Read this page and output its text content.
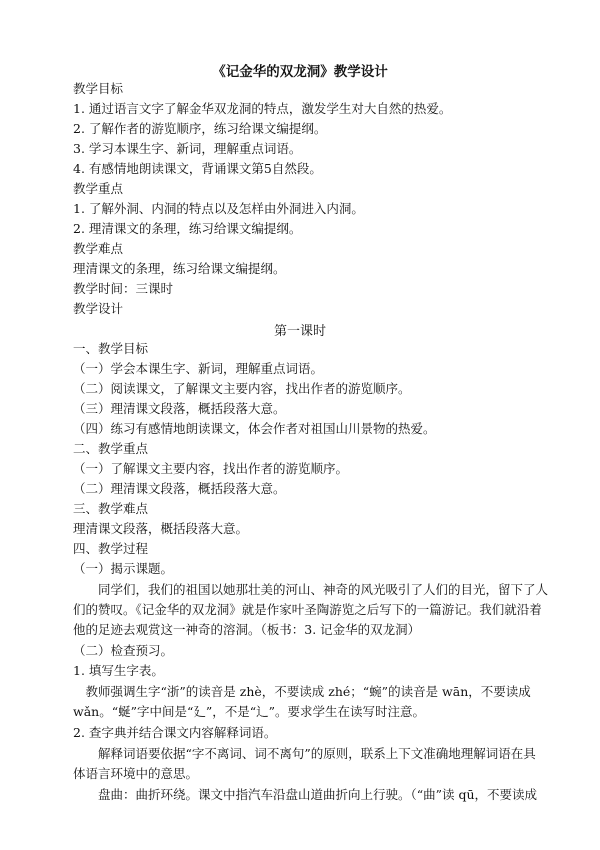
《记金华的双龙洞》教学设计
教学目标
1. 通过语言文字了解金华双龙洞的特点，激发学生对大自然的热爱。
2. 了解作者的游览顺序，练习给课文编提纲。
3. 学习本课生字、新词，理解重点词语。
4. 有感情地朗读课文，背诵课文第5自然段。
教学重点
1. 了解外洞、内洞的特点以及怎样由外洞进入内洞。
2. 理清课文的条理，练习给课文编提纲。
教学难点
理清课文的条理，练习给课文编提纲。
教学时间：三课时
教学设计
第一课时
一、教学目标
（一）学会本课生字、新词，理解重点词语。
（二）阅读课文，了解课文主要内容，找出作者的游览顺序。
（三）理清课文段落，概括段落大意。
（四）练习有感情地朗读课文，体会作者对祖国山川景物的热爱。
二、教学重点
（一）了解课文主要内容，找出作者的游览顺序。
（二）理清课文段落，概括段落大意。
三、教学难点
理清课文段落，概括段落大意。
四、教学过程
（一）揭示课题。
同学们，我们的祖国以她那壮美的河山、神奇的风光吸引了人们的目光，留下了人们的赞叹。《记金华的双龙洞》就是作家叶圣陶游览之后写下的一篇游记。我们就沿着他的足迹去观赏这一神奇的溶洞。（板书：3. 记金华的双龙洞）
（二）检查预习。
1. 填写生字表。
教师强调生字“浙”的读音是 zhè，不要读成 zhé；“蜿”的读音是 wān，不要读成 wǎn。“蜒”字中间是“廴”，不是“辶”。要求学生在读写时注意。
2. 查字典并结合课文内容解释词语。
解释词语要依据“字不离词、词不离句”的原则，联系上下文准确地理解词语在具体语言环境中的意思。
盘曲：曲折环绕。课文中指汽车沿盘山道曲折向上行驶。（“曲”读 qū，不要读成
